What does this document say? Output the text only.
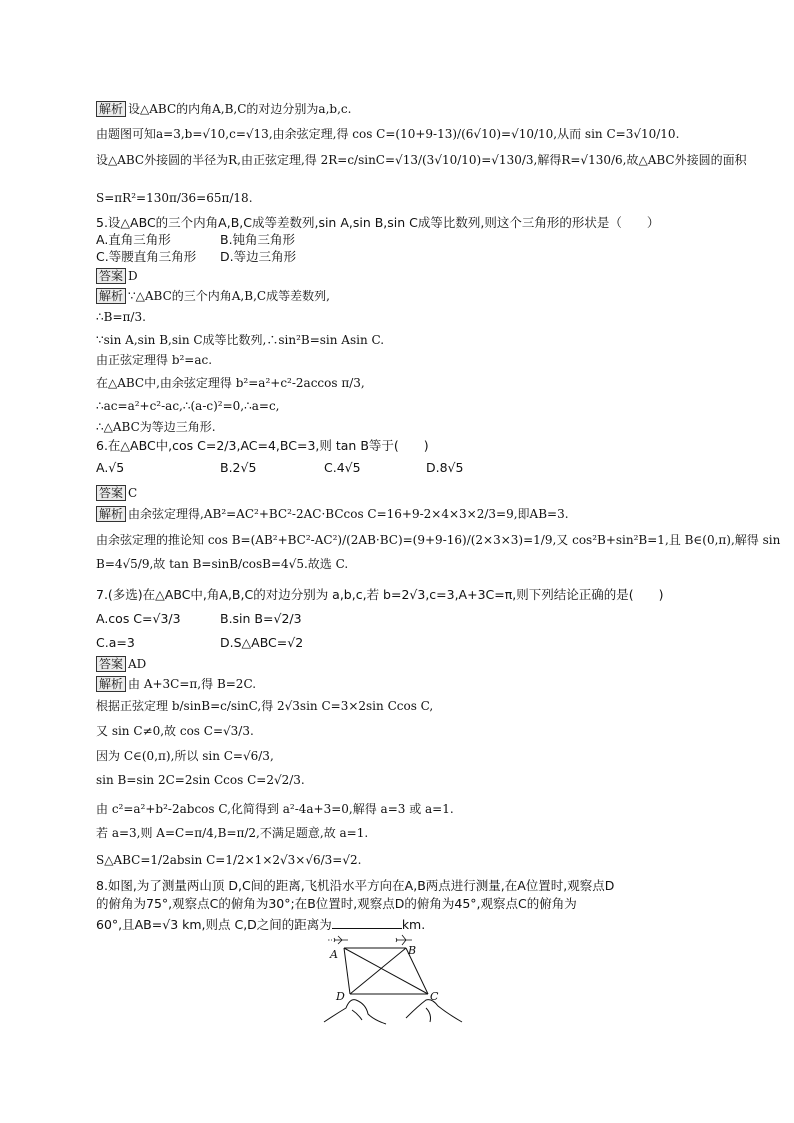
解析 设△ABC的内角A,B,C的对边分别为a,b,c.
由题图可知a=3,b=√10,c=√13,由余弦定理,得 cos C=(10+9-13)/(6√10)=√10/10,从而 sin C=3√10/10.
设△ABC外接圆的半径为R,由正弦定理,得 2R=c/sinC=√13/(3√10/10)=√130/3,解得R=√130/6,故△ABC外接圆的面积
S=πR²=130π/36=65π/18.
5.设△ABC的三个内角A,B,C成等差数列,sin A,sin B,sin C成等比数列,则这个三角形的形状是（　　）
A.直角三角形	B.钝角三角形
C.等腰直角三角形 D.等边三角形
答案 D
解析 ∵△ABC的三个内角A,B,C成等差数列,
∴B=π/3.
∵sin A,sin B,sin C成等比数列,∴sin²B=sin Asin C.
由正弦定理得 b²=ac.
在△ABC中,由余弦定理得 b²=a²+c²-2accos π/3,
∴ac=a²+c²-ac,∴(a-c)²=0,∴a=c,
∴△ABC为等边三角形.
6.在△ABC中,cos C=2/3,AC=4,BC=3,则 tan B等于(　　)
A.√5	B.2√5	C.4√5	D.8√5
答案 C
解析 由余弦定理得,AB²=AC²+BC²-2AC·BCcos C=16+9-2×4×3×2/3=9,即AB=3.
由余弦定理的推论知 cos B=(AB²+BC²-AC²)/(2AB·BC)=(9+9-16)/(2×3×3)=1/9,又 cos²B+sin²B=1,且 B∈(0,π),解得 sin
B=4√5/9,故 tan B=sinB/cosB=4√5.故选 C.
7.(多选)在△ABC中,角A,B,C的对边分别为 a,b,c,若 b=2√3,c=3,A+3C=π,则下列结论正确的是(　　)
A.cos C=√3/3	B.sin B=√2/3
C.a=3	D.S△ABC=√2
答案 AD
解析 由 A+3C=π,得 B=2C.
根据正弦定理 b/sinB=c/sinC,得 2√3sin C=3×2sin Ccos C,
又 sin C≠0,故 cos C=√3/3.
因为 C∈(0,π),所以 sin C=√6/3,
sin B=sin 2C=2sin Ccos C=2√2/3.
由 c²=a²+b²-2abcos C,化简得到 a²-4a+3=0,解得 a=3 或 a=1.
若 a=3,则 A=C=π/4,B=π/2,不满足题意,故 a=1.
S△ABC=1/2absin C=1/2×1×2√3×√6/3=√2.
8.如图,为了测量两山顶 D,C间的距离,飞机沿水平方向在A,B两点进行测量,在A位置时,观察点D
的俯角为75°,观察点C的俯角为30°;在B位置时,观察点D的俯角为45°,观察点C的俯角为
60°,且AB=√3 km,则点 C,D之间的距离为	km.
A	B
D	C
